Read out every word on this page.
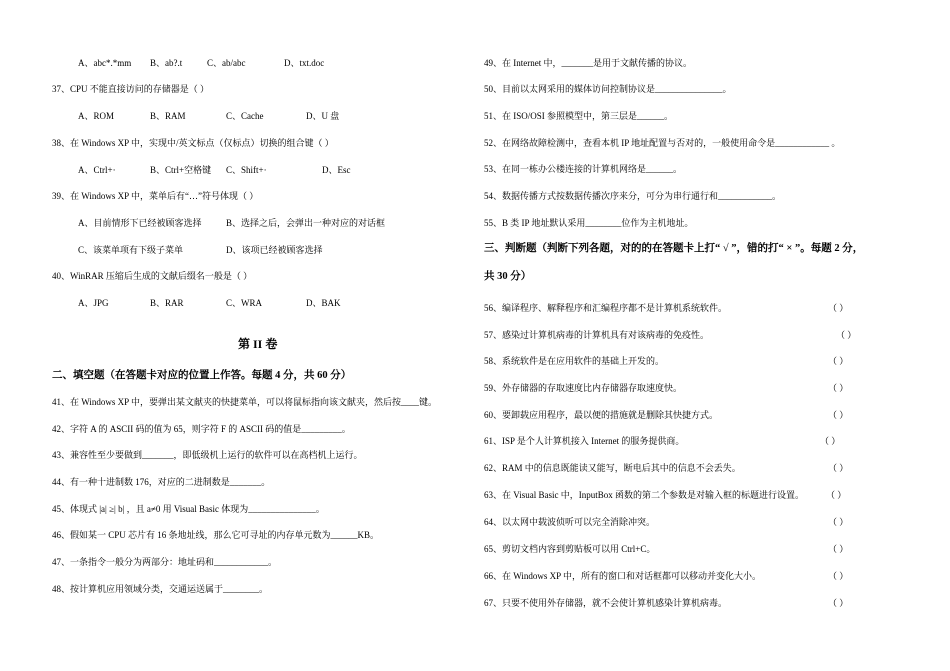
A、abc*.*mm B、ab?.t	C、ab/abc	D、txt.doc
37、CPU 不能直接访问的存储器是（ ）
A、ROM	B、RAM	C、Cache	D、U 盘
38、在 Windows XP 中，实现中/英文标点（仅标点）切换的组合键（ ）
A、Ctrl+·	B、Ctrl+空格键 C、Shift+·	D、Esc
39、在 Windows XP 中，菜单后有“…”符号体现（ ）
A、目前情形下已经被顾客选择	B、选择之后，会弹出一种对应的对话框
C、该菜单项有下级子菜单	D、该项已经被顾客选择
40、WinRAR 压缩后生成的文献后缀名一般是（ ）
A、JPG	B、RAR	C、WRA	D、BAK
第 II 卷
二、填空题（在答题卡对应的位置上作答。每题 4 分，共 60 分）
41、在 Windows XP 中，要弹出某文献夹的快捷菜单，可以将鼠标指向该文献夹，然后按____键。
42、字符 A 的 ASCII 码的值为 65，则字符 F 的 ASCII 码的值是_________。
43、兼容性至少要做到_______，即低级机上运行的软件可以在高档机上运行。
44、有一种十进制数 176，对应的二进制数是_______。
45、体现式 |a| ≥| b| ，且 a≠0 用 Visual Basic 体现为_______________。
46、假如某一 CPU 芯片有 16 条地址线，那么它可寻址的内存单元数为______KB。
47、一条指令一般分为两部分：地址码和____________。
48、按计算机应用领域分类，交通运送属于________。
49、在 Internet 中，_______是用于文献传播的协议。
50、目前以太网采用的媒体访问控制协议是_______________。
51、在 ISO/OSI 参照模型中，第三层是______。
52、在网络故障检测中，查看本机 IP 地址配置与否对的，一般使用命令是____________ 。
53、在同一栋办公楼连接的计算机网络是______。
54、数据传播方式按数据传播次序来分，可分为串行通行和____________。
55、B 类 IP 地址默认采用________位作为主机地址。
三、判断题（判断下列各题，对的的在答题卡上打“ √ ”，错的打“ × ”。每题 2 分，
共 30 分）
56、编译程序、解释程序和汇编程序都不是计算机系统软件。	（ ）
57、感染过计算机病毒的计算机具有对该病毒的免疫性。	（ ）
58、系统软件是在应用软件的基础上开发的。	（ ）
59、外存储器的存取速度比内存储器存取速度快。	（ ）
60、要卸载应用程序，最以便的措施就是删除其快捷方式。	（ ）
61、ISP 是个人计算机接入 Internet 的服务提供商。	（ ）
62、RAM 中的信息既能读又能写，断电后其中的信息不会丢失。	（ ）
63、在 Visual Basic 中，InputBox 函数的第二个参数是对输入框的标题进行设置。 （ ）
64、以太网中载波侦听可以完全消除冲突。	（ ）
65、剪切文档内容到剪贴板可以用 Ctrl+C。	（ ）
66、在 Windows XP 中，所有的窗口和对话框都可以移动并变化大小。	（ ）
67、只要不使用外存储器，就不会使计算机感染计算机病毒。	（ ）
